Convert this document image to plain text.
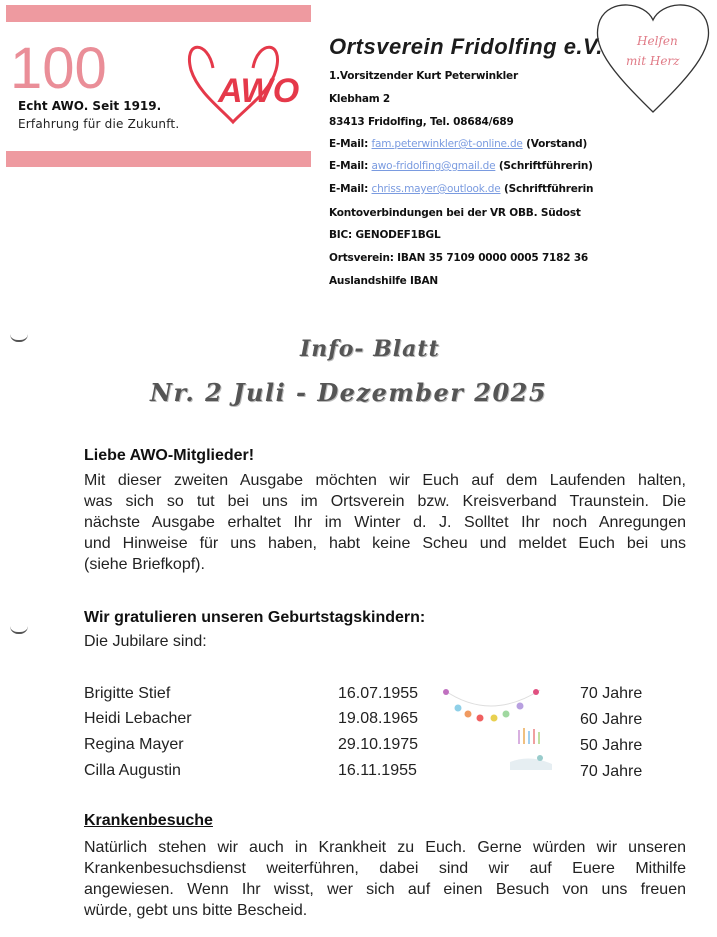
100	AWO
Echt AWO. Seit 1919.
Erfahrung für die Zukunft.
Ortsverein Fridolfing e.V.	Helfen
mit Herz
1.Vorsitzender Kurt Peterwinkler
Klebham 2
83413 Fridolfing, Tel. 08684/689
E-Mail: fam.peterwinkler@t-online.de (Vorstand)
E-Mail: awo-fridolfing@gmail.de (Schriftführerin)
E-Mail: chriss.mayer@outlook.de (Schriftführerin
Kontoverbindungen bei der VR OBB. Südost
BIC: GENODEF1BGL
Ortsverein: IBAN 35 7109 0000 0005 7182 36
Auslandshilfe IBAN
Info- Blatt
Nr. 2 Juli - Dezember 2025
Liebe AWO-Mitglieder!
Mit dieser zweiten Ausgabe möchten wir Euch auf dem Laufenden halten,
was sich so tut bei uns im Ortsverein bzw. Kreisverband Traunstein. Die
nächste Ausgabe erhaltet Ihr im Winter d. J. Solltet Ihr noch Anregungen
und Hinweise für uns haben, habt keine Scheu und meldet Euch bei uns
(siehe Briefkopf).
Wir gratulieren unseren Geburtstagskindern:
Die Jubilare sind:
Brigitte Stief	16.07.1955	70 Jahre
Heidi Lebacher	19.08.1965	60 Jahre
Regina Mayer	29.10.1975	50 Jahre
Cilla Augustin	16.11.1955	70 Jahre
Krankenbesuche
Natürlich stehen wir auch in Krankheit zu Euch. Gerne würden wir unseren
Krankenbesuchsdienst weiterführen, dabei sind wir auf Euere Mithilfe
angewiesen. Wenn Ihr wisst, wer sich auf einen Besuch von uns freuen
würde, gebt uns bitte Bescheid.
